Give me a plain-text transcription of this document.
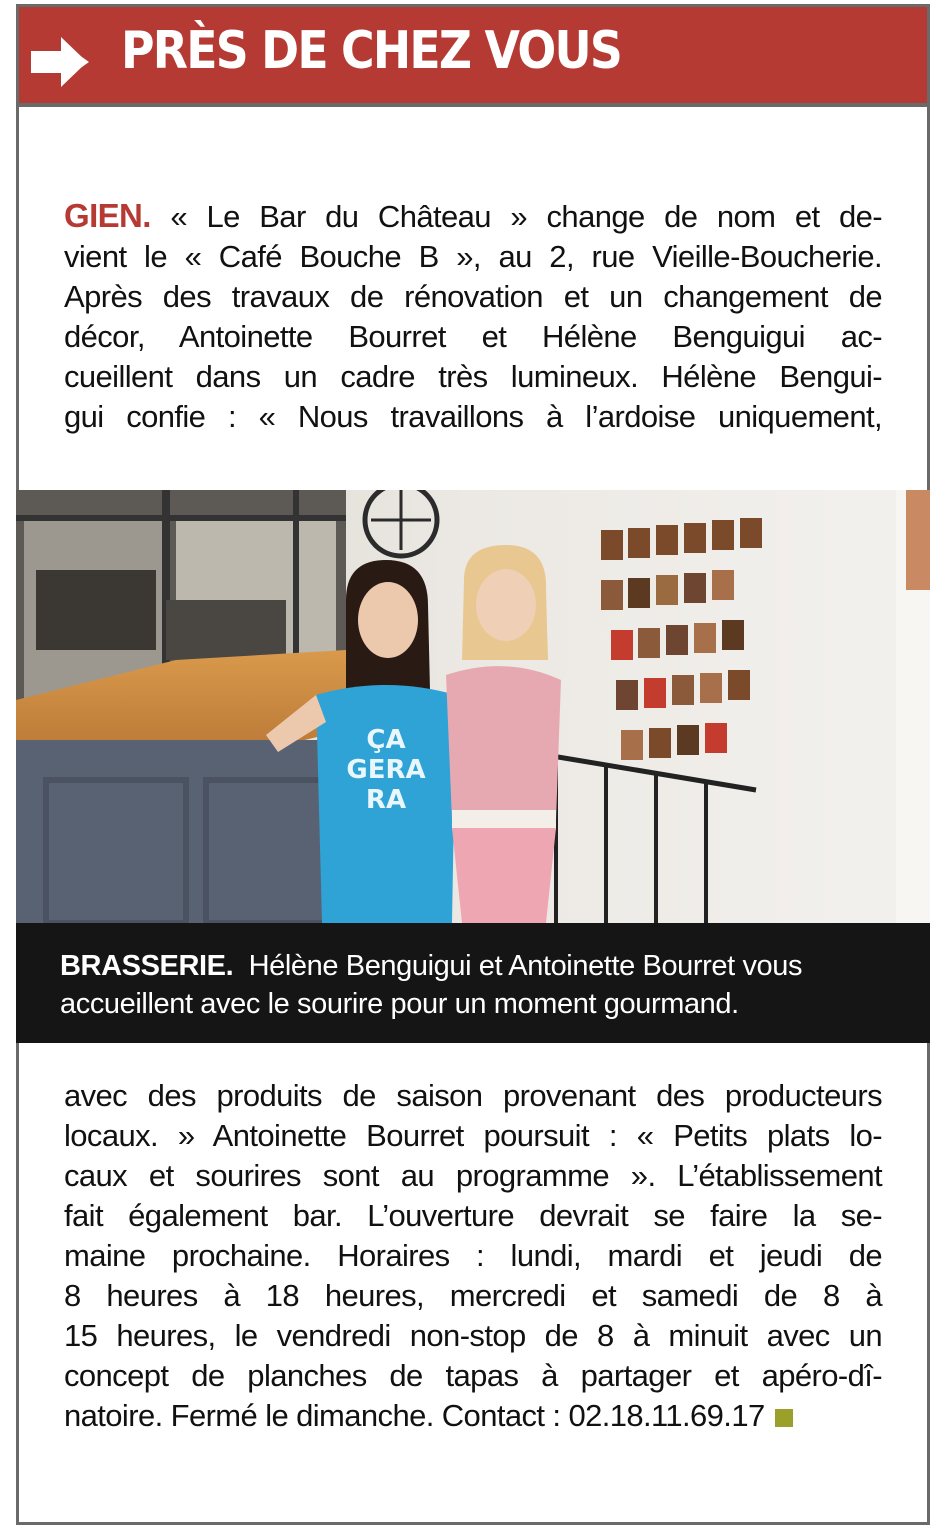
PRÈS DE CHEZ VOUS
GIEN. « Le Bar du Château » change de nom et de-
vient le « Café Bouche B », au 2, rue Vieille-Boucherie.
Après des travaux de rénovation et un changement de
décor, Antoinette Bourret et Hélène Benguigui ac-
cueillent dans un cadre très lumineux. Hélène Bengui-
gui confie : « Nous travaillons à l’ardoise uniquement,
ÇA
GERA
RA
BRASSERIE. Hélène Benguigui et Antoinette Bourret vous
accueillent avec le sourire pour un moment gourmand.
avec des produits de saison provenant des producteurs
locaux. » Antoinette Bourret poursuit : « Petits plats lo-
caux et sourires sont au programme ». L’établissement
fait également bar. L’ouverture devrait se faire la se-
maine prochaine. Horaires : lundi, mardi et jeudi de
8 heures à 18 heures, mercredi et samedi de 8 à
15 heures, le vendredi non-stop de 8 à minuit avec un
concept de planches de tapas à partager et apéro-dî-
natoire. Fermé le dimanche. Contact : 02.18.11.69.17
